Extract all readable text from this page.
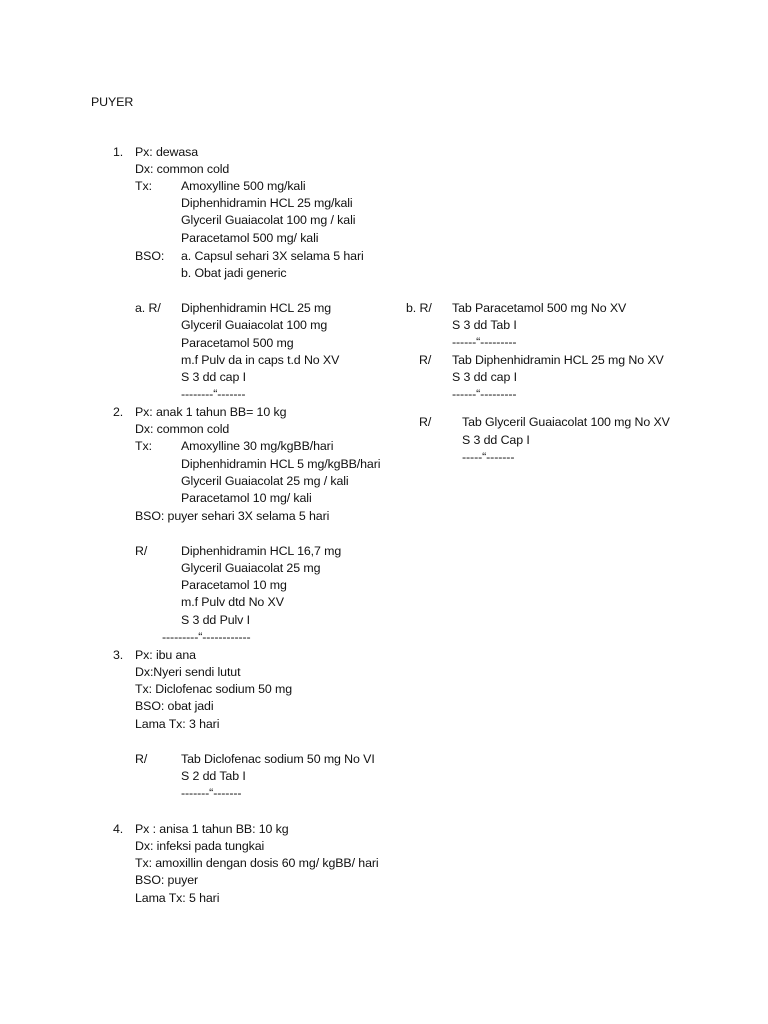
PUYER
1. Px: dewasa
Dx: common cold
Tx: Amoxylline 500 mg/kali
Diphenhidramin HCL 25 mg/kali
Glyceril Guaiacolat 100 mg / kali
Paracetamol 500 mg/ kali
BSO: a. Capsul sehari 3X selama 5 hari
b. Obat jadi generic
a. R/ Diphenhidramin HCL 25 mg
Glyceril Guaiacolat 100 mg
Paracetamol 500 mg
m.f Pulv da in caps t.d No XV
S 3 dd cap I
--------“-------
b. R/ Tab Paracetamol 500 mg No XV
S 3 dd Tab I
------“---------
R/ Tab Diphenhidramin HCL 25 mg No XV
S 3 dd cap I
------“---------
R/ Tab Glyceril Guaiacolat 100 mg No XV
S 3 dd Cap I
-----“-------
2. Px: anak 1 tahun BB= 10 kg
Dx: common cold
Tx: Amoxylline 30 mg/kgBB/hari
Diphenhidramin HCL 5 mg/kgBB/hari
Glyceril Guaiacolat 25 mg / kali
Paracetamol 10 mg/ kali
BSO: puyer sehari 3X selama 5 hari
R/	Diphenhidramin HCL 16,7 mg
Glyceril Guaiacolat 25 mg
Paracetamol 10 mg
m.f Pulv dtd No XV
S 3 dd Pulv I
---------“------------
3. Px: ibu ana
Dx:Nyeri sendi lutut
Tx: Diclofenac sodium 50 mg
BSO: obat jadi
Lama Tx: 3 hari
R/	Tab Diclofenac sodium 50 mg No VI
S 2 dd Tab I
-------“-------
4. Px : anisa 1 tahun BB: 10 kg
Dx: infeksi pada tungkai
Tx: amoxillin dengan dosis 60 mg/ kgBB/ hari
BSO: puyer
Lama Tx: 5 hari
